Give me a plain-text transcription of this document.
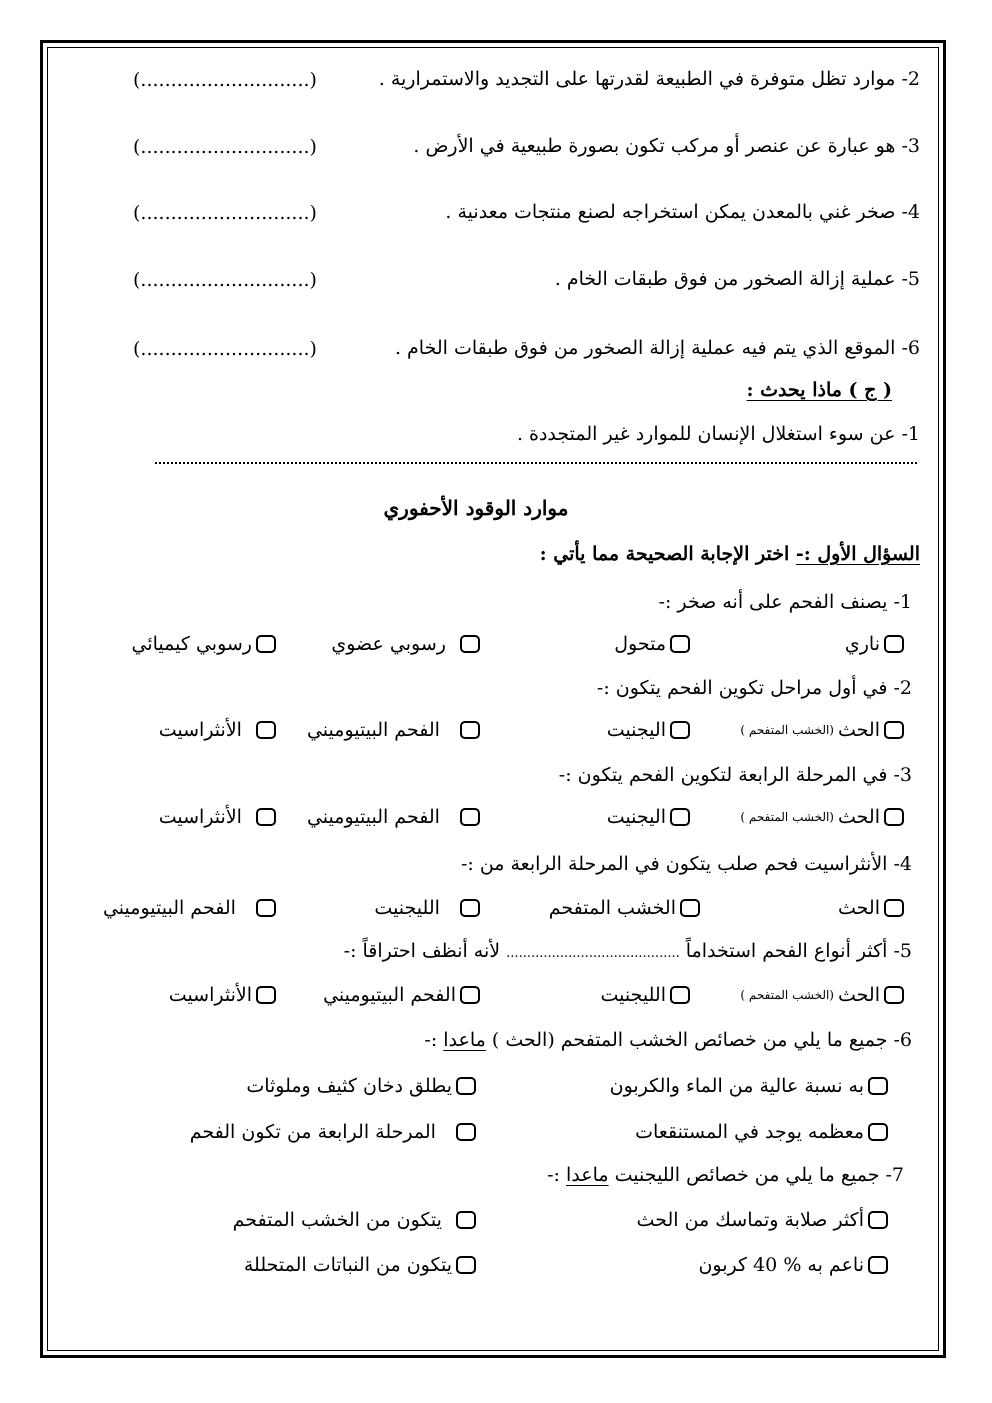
2- موارد تظل متوفرة في الطبيعة لقدرتها على التجديد والاستمرارية .
(............................)
3- هو عبارة عن عنصر أو مركب تكون بصورة طبيعية في الأرض .
(............................)
4- صخر غني بالمعدن يمكن استخراجه لصنع منتجات معدنية .
(............................)
5- عملية إزالة الصخور من فوق طبقات الخام .
(............................)
6- الموقع الذي يتم فيه عملية إزالة الصخور من فوق طبقات الخام .
(............................)
( ج ) ماذا يحدث :
1- عن سوء استغلال الإنسان للموارد غير المتجددة .
موارد الوقود الأحفوري
السؤال الأول :- اختر الإجابة الصحيحة مما يأتي :
1- يصنف الفحم على أنه صخر :-
ناري
متحول

رسوبي عضوي
رسوبي كيميائي
2- في أول مراحل تكوين الفحم يتكون :-
الحث
(الخشب المتفحم )
اليجنيت

الفحم البيتيوميني

الأنثراسيت
3- في المرحلة الرابعة لتكوين الفحم يتكون :-
الحث
(الخشب المتفحم )
اليجنيت

الفحم البيتيوميني

الأنثراسيت
4- الأنثراسيت فحم صلب يتكون في المرحلة الرابعة من :-
الحث
الخشب المتفحم

الليجنيت

الفحم البيتيوميني
5- أكثر أنواع الفحم استخداماً .......................................... لأنه أنظف احتراقاً :-
الحث
(الخشب المتفحم )
الليجنيت
الفحم البيتيوميني
الأنثراسيت
6- جميع ما يلي من خصائص الخشب المتفحم (الحث ) ماعدا :-
به نسبة عالية من الماء والكربون
يطلق دخان كثيف وملوثات
معظمه يوجد في المستنقعات

المرحلة الرابعة من تكون الفحم
7- جميع ما يلي من خصائص الليجنيت ماعدا :-
أكثر صلابة وتماسك من الحث

يتكون من الخشب المتفحم
ناعم به % 40 كربون
يتكون من النباتات المتحللة
